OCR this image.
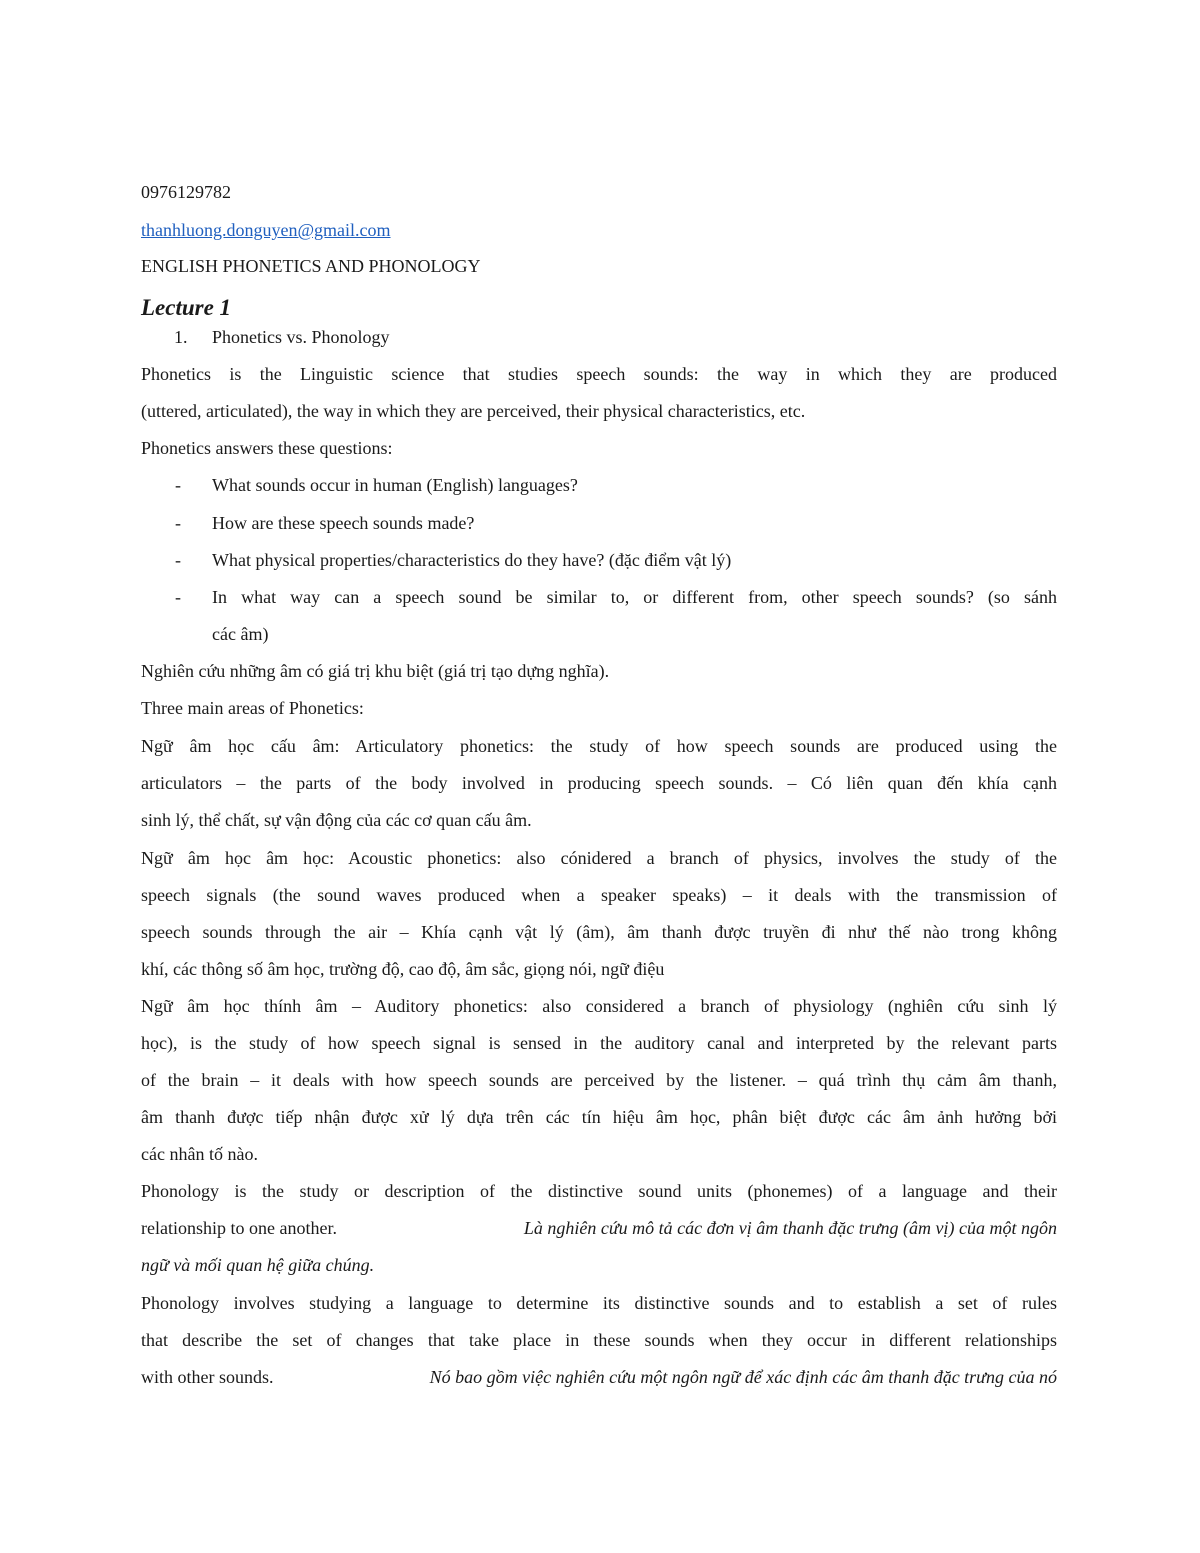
0976129782
thanhluong.donguyen@gmail.com
ENGLISH PHONETICS AND PHONOLOGY
Lecture 1
1. Phonetics vs. Phonology
Phonetics is the Linguistic science that studies speech sounds: the way in which they are produced
(uttered, articulated), the way in which they are perceived, their physical characteristics, etc.
Phonetics answers these questions:
- What sounds occur in human (English) languages?
- How are these speech sounds made?
- What physical properties/characteristics do they have? (đặc điểm vật lý)
- In what way can a speech sound be similar to, or different from, other speech sounds? (so sánh
các âm)
Nghiên cứu những âm có giá trị khu biệt (giá trị tạo dựng nghĩa).
Three main areas of Phonetics:
Ngữ âm học cấu âm: Articulatory phonetics: the study of how speech sounds are produced using the
articulators – the parts of the body involved in producing speech sounds. – Có liên quan đến khía cạnh
sinh lý, thể chất, sự vận động của các cơ quan cấu âm.
Ngữ âm học âm học: Acoustic phonetics: also cónidered a branch of physics, involves the study of the
speech signals (the sound waves produced when a speaker speaks) – it deals with the transmission of
speech sounds through the air – Khía cạnh vật lý (âm), âm thanh được truyền đi như thế nào trong không
khí, các thông số âm học, trường độ, cao độ, âm sắc, giọng nói, ngữ điệu
Ngữ âm học thính âm – Auditory phonetics: also considered a branch of physiology (nghiên cứu sinh lý
học), is the study of how speech signal is sensed in the auditory canal and interpreted by the relevant parts
of the brain – it deals with how speech sounds are perceived by the listener. – quá trình thụ cảm âm thanh,
âm thanh được tiếp nhận được xử lý dựa trên các tín hiệu âm học, phân biệt được các âm ảnh hưởng bởi
các nhân tố nào.
Phonology is the study or description of the distinctive sound units (phonemes) of a language and their
relationship to one another.	Là nghiên cứu mô tả các đơn vị âm thanh đặc trưng (âm vị) của một ngôn
ngữ và mối quan hệ giữa chúng.
Phonology involves studying a language to determine its distinctive sounds and to establish a set of rules
that describe the set of changes that take place in these sounds when they occur in different relationships
with other sounds.	Nó bao gồm việc nghiên cứu một ngôn ngữ để xác định các âm thanh đặc trưng của nó
